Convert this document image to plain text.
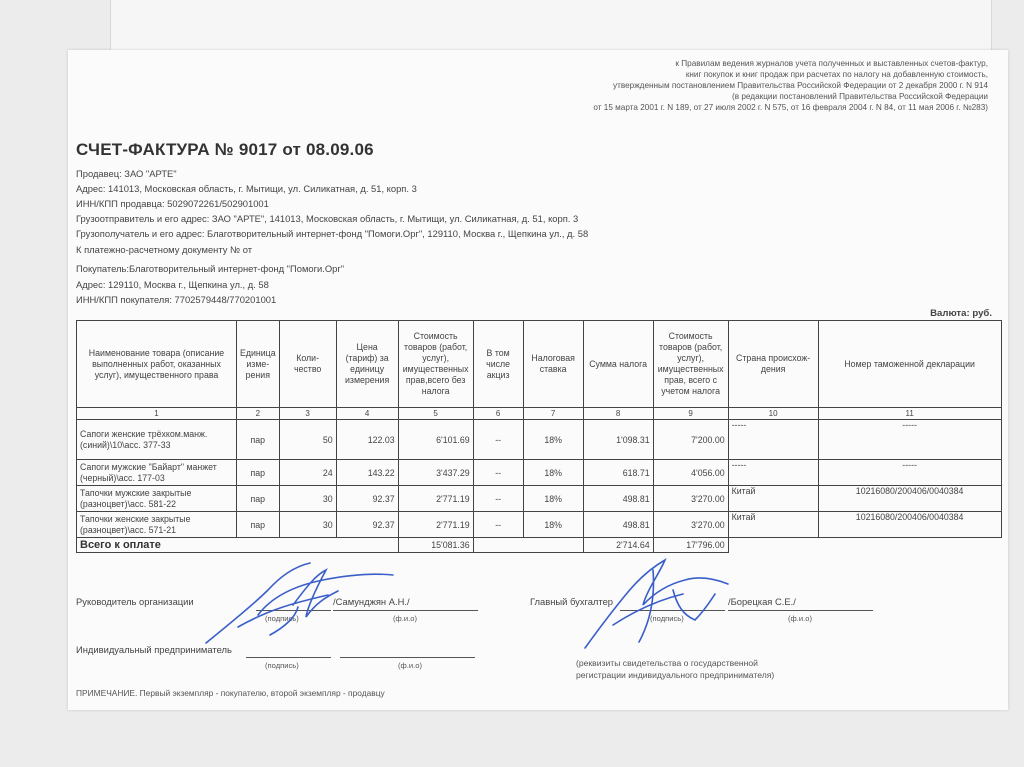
к Правилам ведения журналов учета полученных и выставленных счетов-фактур,
книг покупок и книг продаж при расчетах по налогу на добавленную стоимость,
утвержденным постановлением Правительства Российской Федерации от 2 декабря 2000 г. N 914
(в редакции постановлений Правительства Российской Федерации
от 15 марта 2001 г. N 189, от 27 июля 2002 г. N 575, от 16 февраля 2004 г. N 84, от 11 мая 2006 г. №283)
СЧЕТ-ФАКТУРА № 9017 от 08.09.06
Продавец: ЗАО "АРТЕ"
Адрес: 141013, Московская область, г. Мытищи, ул. Силикатная, д. 51, корп. 3
ИНН/КПП продавца: 5029072261/502901001
Грузоотправитель и его адрес: ЗАО "АРТЕ", 141013, Московская область, г. Мытищи, ул. Силикатная, д. 51, корп. 3
Грузополучатель и его адрес: Благотворительный интернет-фонд "Помоги.Орг", 129110, Москва г., Щепкина ул., д. 58
К платежно-расчетному документу № от
Покупатель:Благотворительный интернет-фонд "Помоги.Орг"
Адрес: 129110, Москва г., Щепкина ул., д. 58
ИНН/КПП покупателя: 7702579448/770201001
Валюта: руб.
Наименование товара (описание выполненных работ, оказанных услуг), имущественного права	Единица изме-рения	Коли-чество	Цена (тариф) за единицу измерения	Стоимость товаров (работ, услуг), имущественных прав,всего без налога	В том числе акциз	Налоговая ставка	Сумма налога	Стоимость товаров (работ, услуг), имущественных прав, всего с учетом налога	Страна происхож-дения	Номер таможенной декларации
1	2	3	4	5	6	7	8	9	10	11
Сапоги женские трёхком.манж.(синий)\10\асс. 377-33	пар	50	122.03	6'101.69	--	18%	1'098.31	7'200.00	-----	-----
Сапоги мужские "Байарт" манжет (черный)\асс. 177-03	пар	24	143.22	3'437.29	--	18%	618.71	4'056.00	-----	-----
Тапочки мужские закрытые (разноцвет)\асс. 581-22	пар	30	92.37	2'771.19	--	18%	498.81	3'270.00	Китай	10216080/200406/0040384
Тапочки женские закрытые (разноцвет)\асс. 571-21	пар	30	92.37	2'771.19	--	18%	498.81	3'270.00	Китай	10216080/200406/0040384
Всего к оплате				15'081.36			2'714.64	17'796.00		
Руководитель организации	/Самунджян А.Н./
(подпись)	(ф.и.о)
Главный бухгалтер	/Борецкая С.Е./
(подпись)	(ф.и.о)
Индивидуальный предприниматель
(подпись)	(ф.и.о)	(реквизиты свидетельства о государственной
регистрации индивидуального предпринимателя)
ПРИМЕЧАНИЕ. Первый экземпляр - покупателю, второй экземпляр - продавцу
